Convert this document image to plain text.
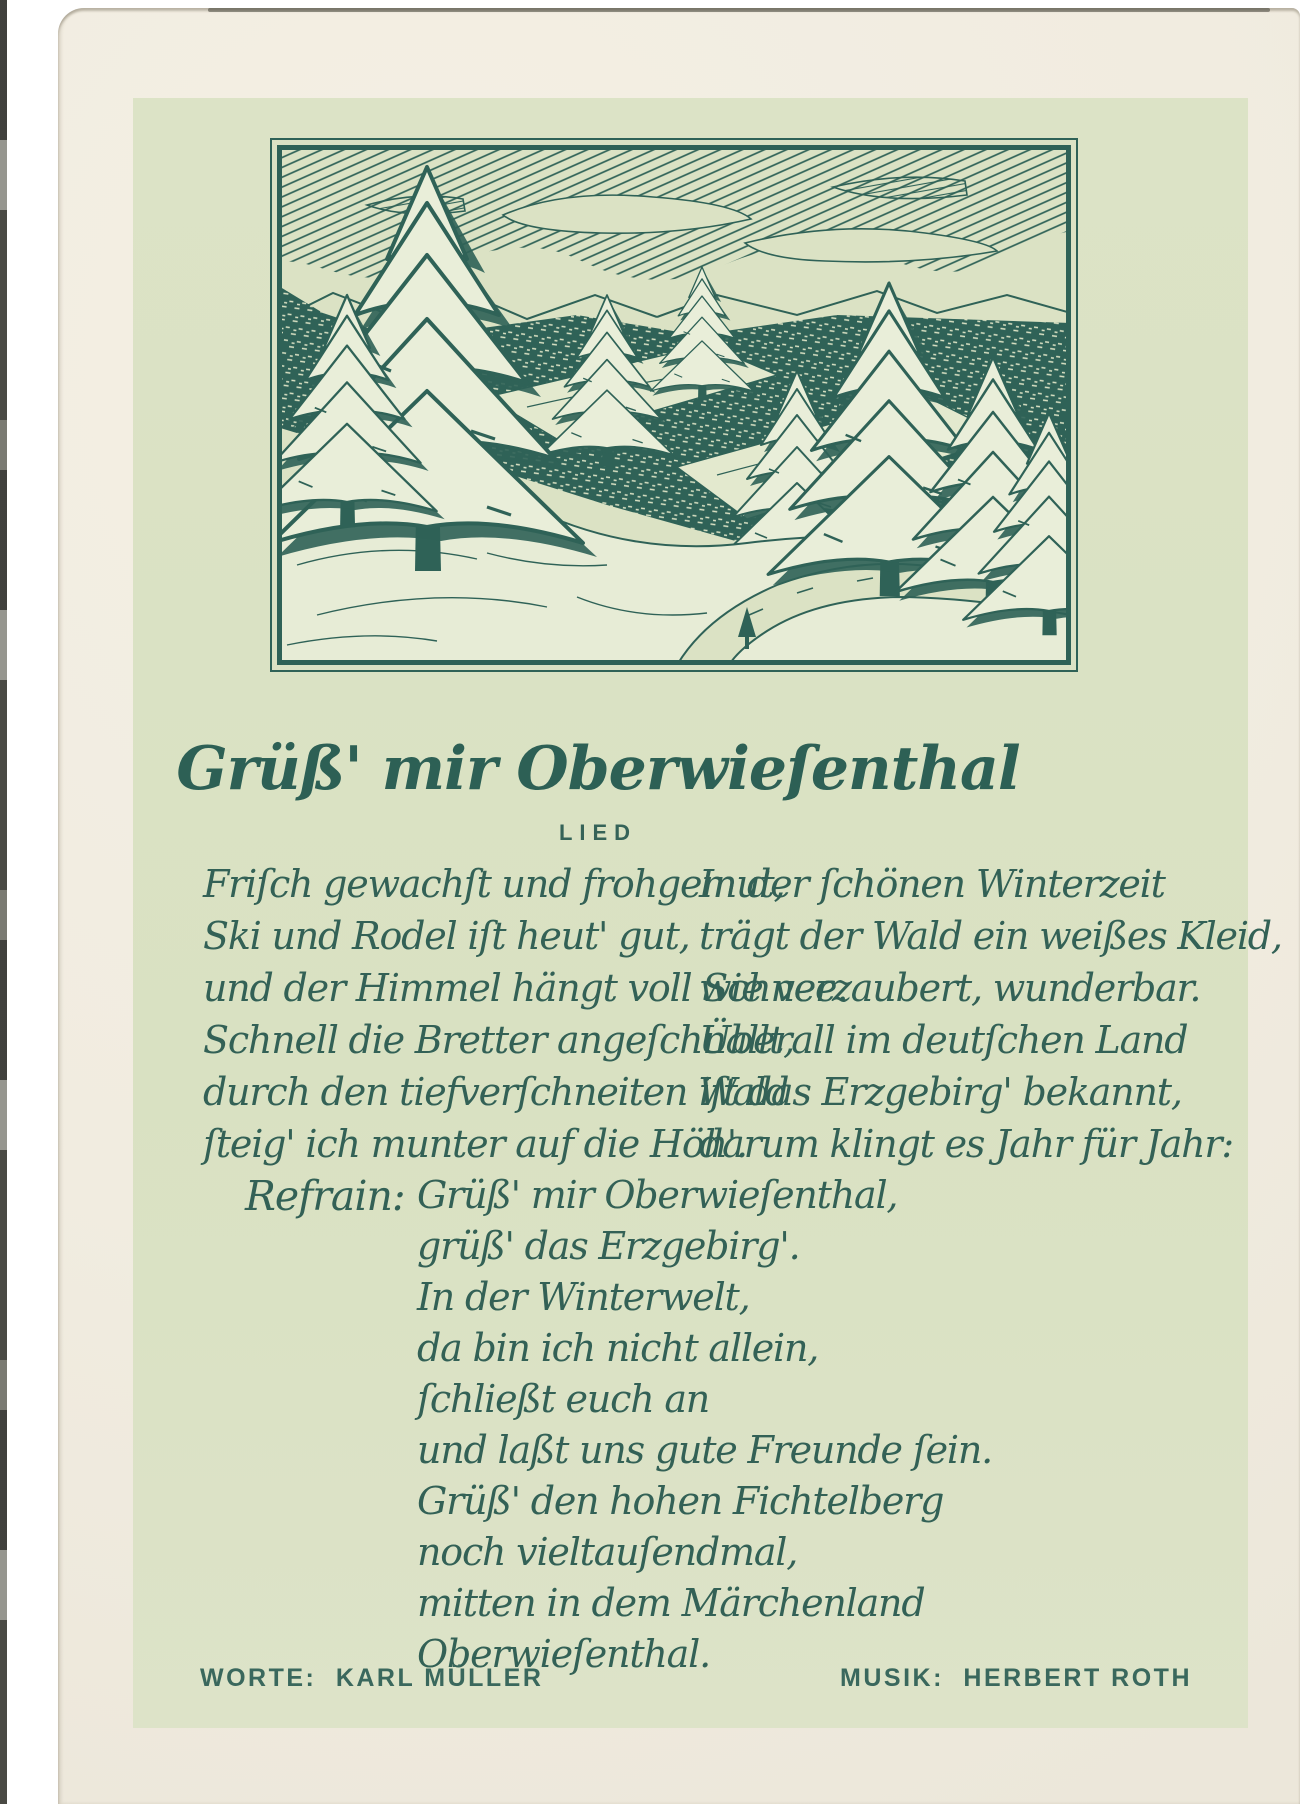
Grüß' mir Oberwieſenthal
LIED
Friſch gewachſt und frohgemut,
Ski und Rodel iſt heut' gut,
und der Himmel hängt voll Schnee.
Schnell die Bretter angeſchnallt,
durch den tiefverſchneiten Wald
ſteig' ich munter auf die Höh'.
In der ſchönen Winterzeit
trägt der Wald ein weißes Kleid,
wie verzaubert, wunderbar.
Überall im deutſchen Land
iſt das Erzgebirg' bekannt,
darum klingt es Jahr für Jahr:
Refrain: Grüß' mir Oberwieſenthal,
grüß' das Erzgebirg'.
In der Winterwelt,
da bin ich nicht allein,
ſchließt euch an
und laßt uns gute Freunde ſein.
Grüß' den hohen Fichtelberg
noch vieltauſendmal,
mitten in dem Märchenland
Oberwieſenthal.
WORTE: KARL MÜLLER	MUSIK: HERBERT ROTH
